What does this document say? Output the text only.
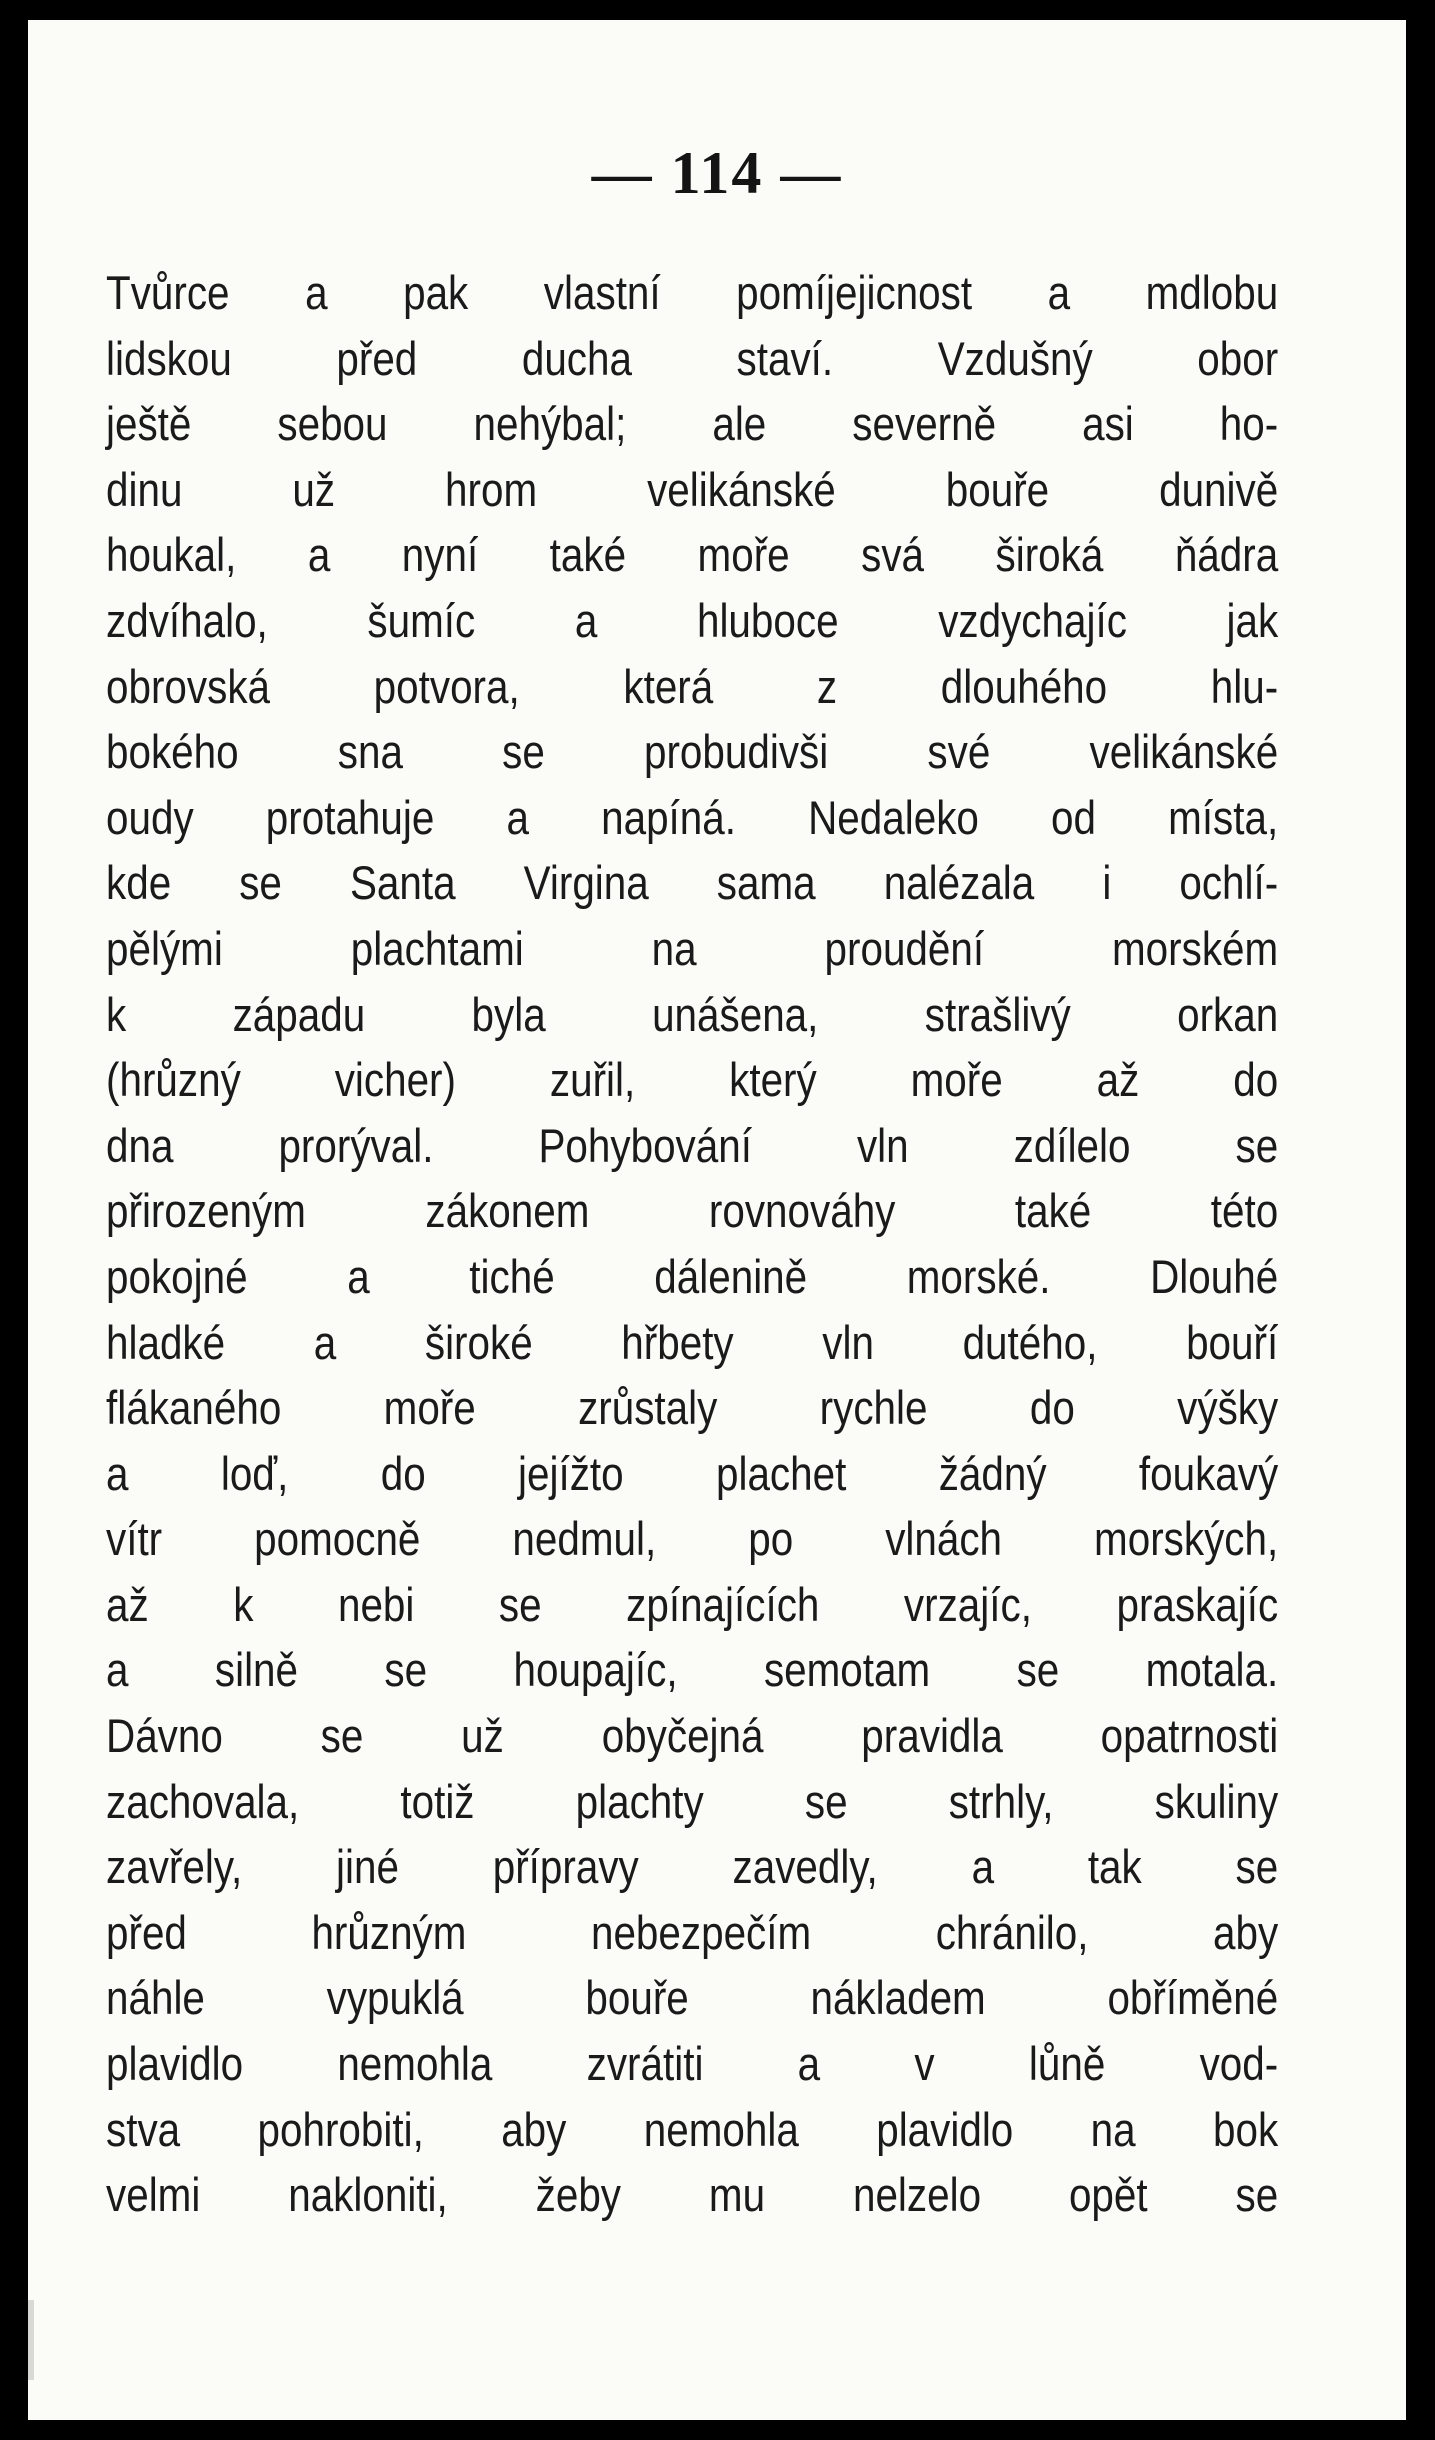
— 114 —
Tvůrce a pak vlastní pomíjejicnost a mdlobu
lidskou před ducha staví. Vzdušný obor
ještě sebou nehýbal; ale severně asi ho-
dinu už hrom velikánské bouře dunivě
houkal, a nyní také moře svá široká ňádra
zdvíhalo, šumíc a hluboce vzdychajíc jak
obrovská potvora, která z dlouhého hlu-
bokého sna se probudivši své velikánské
oudy protahuje a napíná. Nedaleko od místa,
kde se Santa Virgina sama nalézala i ochlí-
pělými plachtami na proudění morském
k západu byla unášena, strašlivý orkan
(hrůzný vicher) zuřil, který moře až do
dna prorýval. Pohybování vln zdílelo se
přirozeným zákonem rovnováhy také této
pokojné a tiché dálenině morské. Dlouhé
hladké a široké hřbety vln dutého, bouří
flákaného moře zrůstaly rychle do výšky
a loď, do jejížto plachet žádný foukavý
vítr pomocně nedmul, po vlnách morských,
až k nebi se zpínajících vrzajíc, praskajíc
a silně se houpajíc, semotam se motala.
Dávno se už obyčejná pravidla opatrnosti
zachovala, totiž plachty se strhly, skuliny
zavřely, jiné přípravy zavedly, a tak se
před hrůzným nebezpečím chránilo, aby
náhle vypuklá bouře nákladem obříměné
plavidlo nemohla zvrátiti a v lůně vod-
stva pohrobiti, aby nemohla plavidlo na bok
velmi nakloniti, žeby mu nelzelo opět se
